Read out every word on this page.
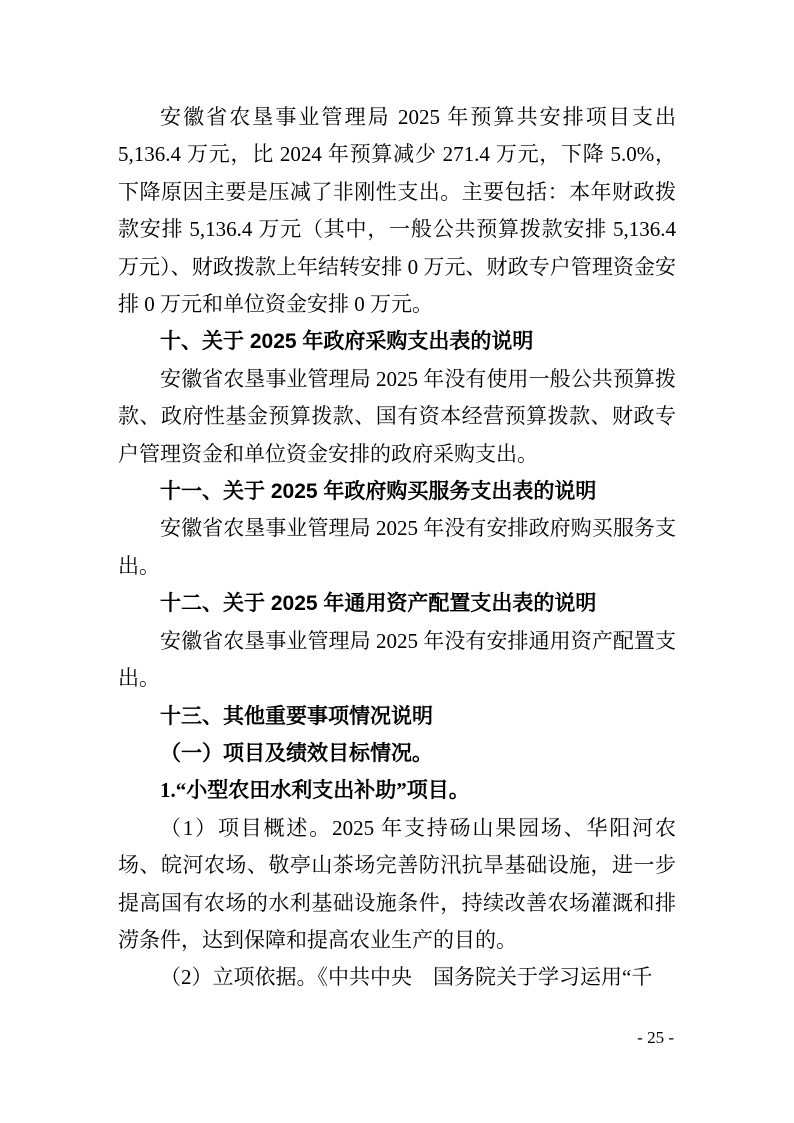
安徽省农垦事业管理局 2025 年预算共安排项目支出 5,136.4 万元，比 2024 年预算减少 271.4 万元，下降 5.0%，下降原因主要是压减了非刚性支出。主要包括：本年财政拨款安排 5,136.4 万元（其中，一般公共预算拨款安排 5,136.4 万元）、财政拨款上年结转安排 0 万元、财政专户管理资金安排 0 万元和单位资金安排 0 万元。

十、关于 2025 年政府采购支出表的说明

安徽省农垦事业管理局 2025 年没有使用一般公共预算拨款、政府性基金预算拨款、国有资本经营预算拨款、财政专户管理资金和单位资金安排的政府采购支出。

十一、关于 2025 年政府购买服务支出表的说明

安徽省农垦事业管理局 2025 年没有安排政府购买服务支出。

十二、关于 2025 年通用资产配置支出表的说明

安徽省农垦事业管理局 2025 年没有安排通用资产配置支出。

十三、其他重要事项情况说明

（一）项目及绩效目标情况。

1.“小型农田水利支出补助”项目。

（1）项目概述。2025 年支持砀山果园场、华阳河农场、皖河农场、敬亭山茶场完善防汛抗旱基础设施，进一步提高国有农场的水利基础设施条件，持续改善农场灌溉和排涝条件，达到保障和提高农业生产的目的。

（2）立项依据。《中共中央　国务院关于学习运用“千

- 25 -
